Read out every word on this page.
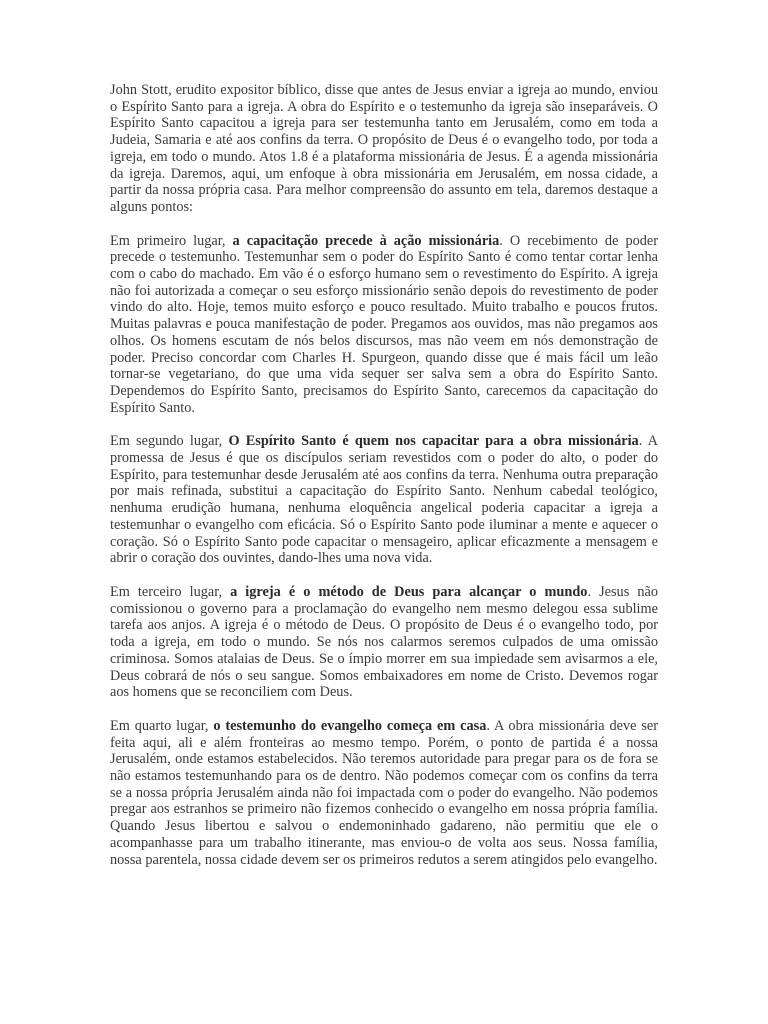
John Stott, erudito expositor bíblico, disse que antes de Jesus enviar a igreja ao mundo, enviou o Espírito Santo para a igreja. A obra do Espírito e o testemunho da igreja são inseparáveis. O Espírito Santo capacitou a igreja para ser testemunha tanto em Jerusalém, como em toda a Judeia, Samaria e até aos confins da terra. O propósito de Deus é o evangelho todo, por toda a igreja, em todo o mundo. Atos 1.8 é a plataforma missionária de Jesus. É a agenda missionária da igreja. Daremos, aqui, um enfoque à obra missionária em Jerusalém, em nossa cidade, a partir da nossa própria casa. Para melhor compreensão do assunto em tela, daremos destaque a alguns pontos:

Em primeiro lugar, a capacitação precede à ação missionária. O recebimento de poder precede o testemunho. Testemunhar sem o poder do Espírito Santo é como tentar cortar lenha com o cabo do machado. Em vão é o esforço humano sem o revestimento do Espírito. A igreja não foi autorizada a começar o seu esforço missionário senão depois do revestimento de poder vindo do alto. Hoje, temos muito esforço e pouco resultado. Muito trabalho e poucos frutos. Muitas palavras e pouca manifestação de poder. Pregamos aos ouvidos, mas não pregamos aos olhos. Os homens escutam de nós belos discursos, mas não veem em nós demonstração de poder. Preciso concordar com Charles H. Spurgeon, quando disse que é mais fácil um leão tornar-se vegetariano, do que uma vida sequer ser salva sem a obra do Espírito Santo. Dependemos do Espírito Santo, precisamos do Espírito Santo, carecemos da capacitação do Espírito Santo.

Em segundo lugar, O Espírito Santo é quem nos capacitar para a obra missionária. A promessa de Jesus é que os discípulos seriam revestidos com o poder do alto, o poder do Espírito, para testemunhar desde Jerusalém até aos confins da terra. Nenhuma outra preparação por mais refinada, substitui a capacitação do Espírito Santo. Nenhum cabedal teológico, nenhuma erudição humana, nenhuma eloquência angelical poderia capacitar a igreja a testemunhar o evangelho com eficácia. Só o Espírito Santo pode iluminar a mente e aquecer o coração. Só o Espírito Santo pode capacitar o mensageiro, aplicar eficazmente a mensagem e abrir o coração dos ouvintes, dando-lhes uma nova vida.

Em terceiro lugar, a igreja é o método de Deus para alcançar o mundo. Jesus não comissionou o governo para a proclamação do evangelho nem mesmo delegou essa sublime tarefa aos anjos. A igreja é o método de Deus. O propósito de Deus é o evangelho todo, por toda a igreja, em todo o mundo. Se nós nos calarmos seremos culpados de uma omissão criminosa. Somos atalaias de Deus. Se o ímpio morrer em sua impiedade sem avisarmos a ele, Deus cobrará de nós o seu sangue. Somos embaixadores em nome de Cristo. Devemos rogar aos homens que se reconciliem com Deus.

Em quarto lugar, o testemunho do evangelho começa em casa. A obra missionária deve ser feita aqui, ali e além fronteiras ao mesmo tempo. Porém, o ponto de partida é a nossa Jerusalém, onde estamos estabelecidos. Não teremos autoridade para pregar para os de fora se não estamos testemunhando para os de dentro. Não podemos começar com os confins da terra se a nossa própria Jerusalém ainda não foi impactada com o poder do evangelho. Não podemos pregar aos estranhos se primeiro não fizemos conhecido o evangelho em nossa própria família. Quando Jesus libertou e salvou o endemoninhado gadareno, não permitiu que ele o acompanhasse para um trabalho itinerante, mas enviou-o de volta aos seus. Nossa família, nossa parentela, nossa cidade devem ser os primeiros redutos a serem atingidos pelo evangelho.
